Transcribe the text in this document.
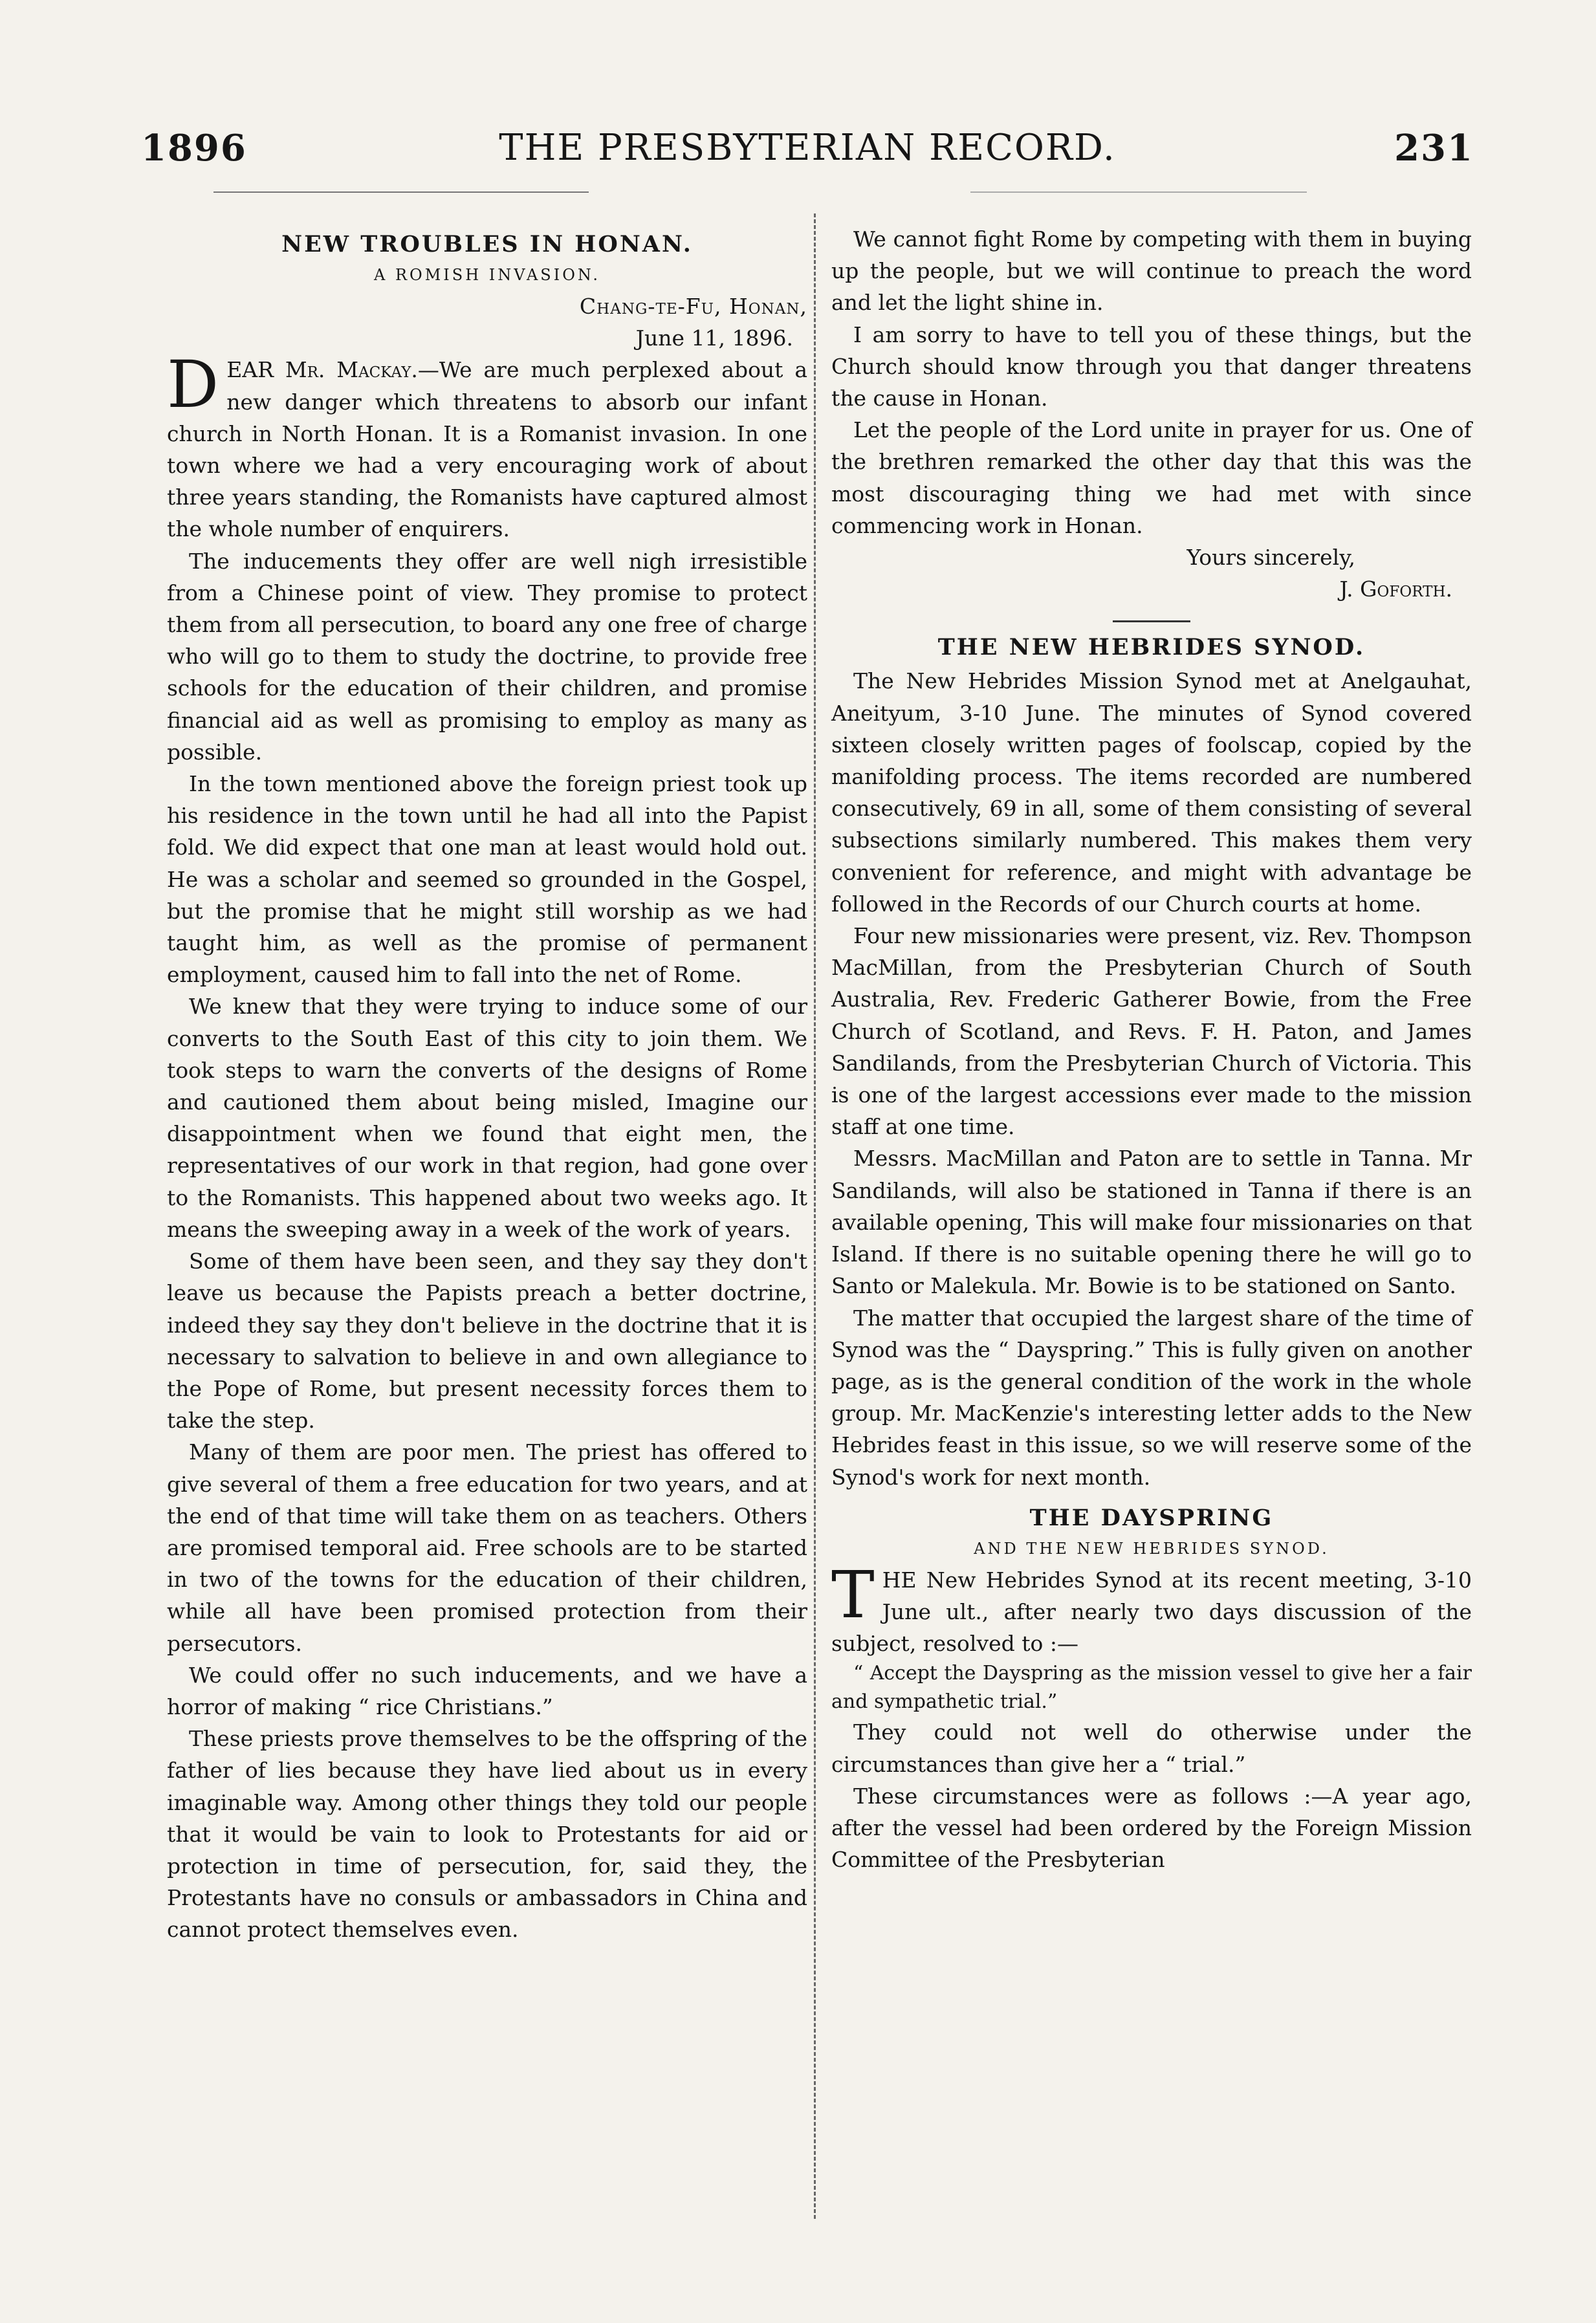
1896	THE PRESBYTERIAN RECORD.	231
NEW TROUBLES IN HONAN.
A ROMISH INVASION.
Chang-te-Fu, Honan,
June 11, 1896.

DEAR Mr. Mackay.—We are much perplexed about a new danger which threatens to absorb our infant church in North Honan. It is a Romanist invasion. In one town where we had a very encouraging work of about three years standing, the Romanists have captured almost the whole number of enquirers.

The inducements they offer are well nigh irresistible from a Chinese point of view. They promise to protect them from all persecution, to board any one free of charge who will go to them to study the doctrine, to provide free schools for the education of their children, and promise financial aid as well as promising to employ as many as possible.

In the town mentioned above the foreign priest took up his residence in the town until he had all into the Papist fold. We did expect that one man at least would hold out. He was a scholar and seemed so grounded in the Gospel, but the promise that he might still worship as we had taught him, as well as the promise of permanent employment, caused him to fall into the net of Rome.

We knew that they were trying to induce some of our converts to the South East of this city to join them. We took steps to warn the converts of the designs of Rome and cautioned them about being misled, Imagine our disappointment when we found that eight men, the representatives of our work in that region, had gone over to the Romanists. This happened about two weeks ago. It means the sweeping away in a week of the work of years.

Some of them have been seen, and they say they don't leave us because the Papists preach a better doctrine, indeed they say they don't believe in the doctrine that it is necessary to salvation to believe in and own allegiance to the Pope of Rome, but present necessity forces them to take the step.

Many of them are poor men. The priest has offered to give several of them a free education for two years, and at the end of that time will take them on as teachers. Others are promised temporal aid. Free schools are to be started in two of the towns for the education of their children, while all have been promised protection from their persecutors.

We could offer no such inducements, and we have a horror of making “ rice Christians.”

These priests prove themselves to be the offspring of the father of lies because they have lied about us in every imaginable way. Among other things they told our people that it would be vain to look to Protestants for aid or protection in time of persecution, for, said they, the Protestants have no consuls or ambassadors in China and cannot protect themselves even.

We cannot fight Rome by competing with them in buying up the people, but we will continue to preach the word and let the light shine in.

I am sorry to have to tell you of these things, but the Church should know through you that danger threatens the cause in Honan.

Let the people of the Lord unite in prayer for us. One of the brethren remarked the other day that this was the most discouraging thing we had met with since commencing work in Honan.

Yours sincerely,
J. Goforth.
THE NEW HEBRIDES SYNOD.

The New Hebrides Mission Synod met at Anelgauhat, Aneityum, 3-10 June. The minutes of Synod covered sixteen closely written pages of foolscap, copied by the manifolding process. The items recorded are numbered consecutively, 69 in all, some of them consisting of several subsections similarly numbered. This makes them very convenient for reference, and might with advantage be followed in the Records of our Church courts at home.

Four new missionaries were present, viz. Rev. Thompson MacMillan, from the Presbyterian Church of South Australia, Rev. Frederic Gatherer Bowie, from the Free Church of Scotland, and Revs. F. H. Paton, and James Sandilands, from the Presbyterian Church of Victoria. This is one of the largest accessions ever made to the mission staff at one time.

Messrs. MacMillan and Paton are to settle in Tanna. Mr Sandilands, will also be stationed in Tanna if there is an available opening, This will make four missionaries on that Island. If there is no suitable opening there he will go to Santo or Malekula. Mr. Bowie is to be stationed on Santo.

The matter that occupied the largest share of the time of Synod was the “ Dayspring.” This is fully given on another page, as is the general condition of the work in the whole group. Mr. MacKenzie's interesting letter adds to the New Hebrides feast in this issue, so we will reserve some of the Synod's work for next month.

THE DAYSPRING
AND THE NEW HEBRIDES SYNOD.

THE New Hebrides Synod at its recent meeting, 3-10 June ult., after nearly two days discussion of the subject, resolved to :—

“ Accept the Dayspring as the mission vessel to give her a fair and sympathetic trial.”

They could not well do otherwise under the circumstances than give her a “ trial.”

These circumstances were as follows :—A year ago, after the vessel had been ordered by the Foreign Mission Committee of the Presbyterian
